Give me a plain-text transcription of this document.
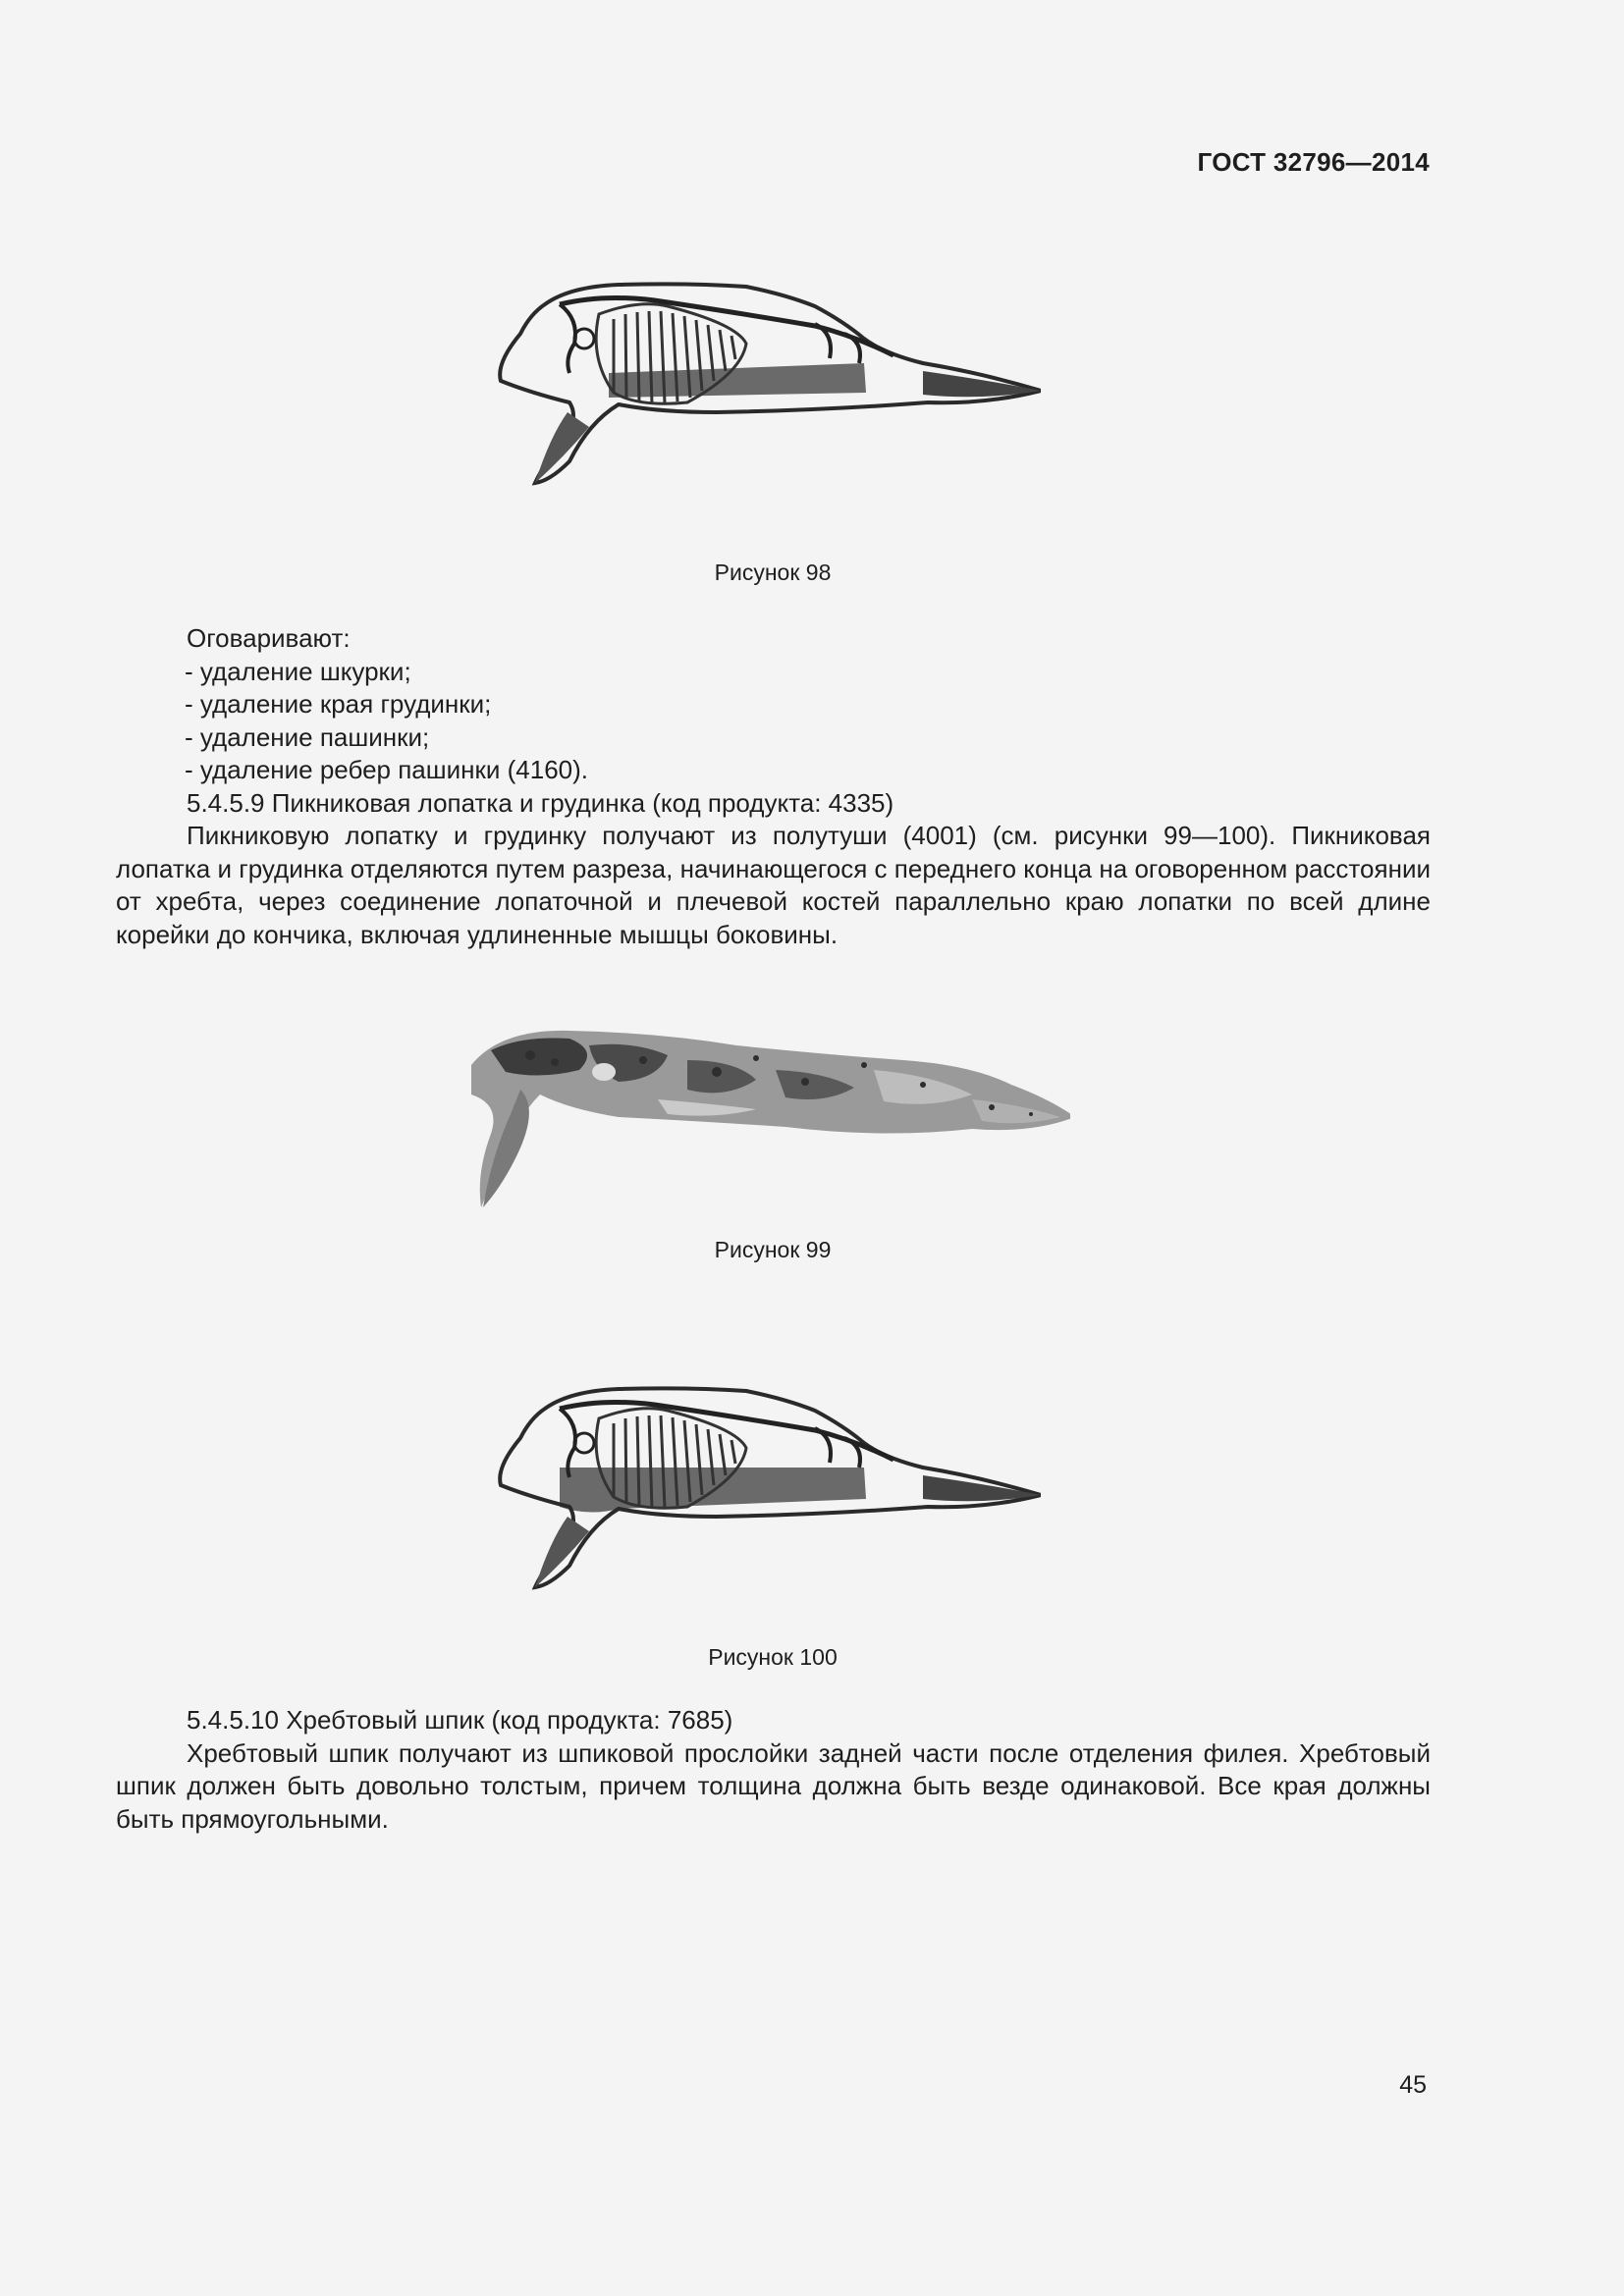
ГОСТ 32796—2014
Рисунок 98

Оговаривают:

- удаление шкурки;

- удаление края грудинки;

- удаление пашинки;

- удаление ребер пашинки (4160).

5.4.5.9 Пикниковая лопатка и грудинка (код продукта: 4335)

Пикниковую лопатку и грудинку получают из полутуши (4001) (см. рисунки 99—100). Пикниковая лопатка и грудинка отделяются путем разреза, начинающегося с переднего конца на оговоренном расстоянии от хребта, через соединение лопаточной и плечевой костей параллельно краю лопатки по всей длине корейки до кончика, включая удлиненные мышцы боковины.

Рисунок 99
Рисунок 100

5.4.5.10 Хребтовый шпик (код продукта: 7685)

Хребтовый шпик получают из шпиковой прослойки задней части после отделения филея. Хребтовый шпик должен быть довольно толстым, причем толщина должна быть везде одинаковой. Все края должны быть прямоугольными.

45
